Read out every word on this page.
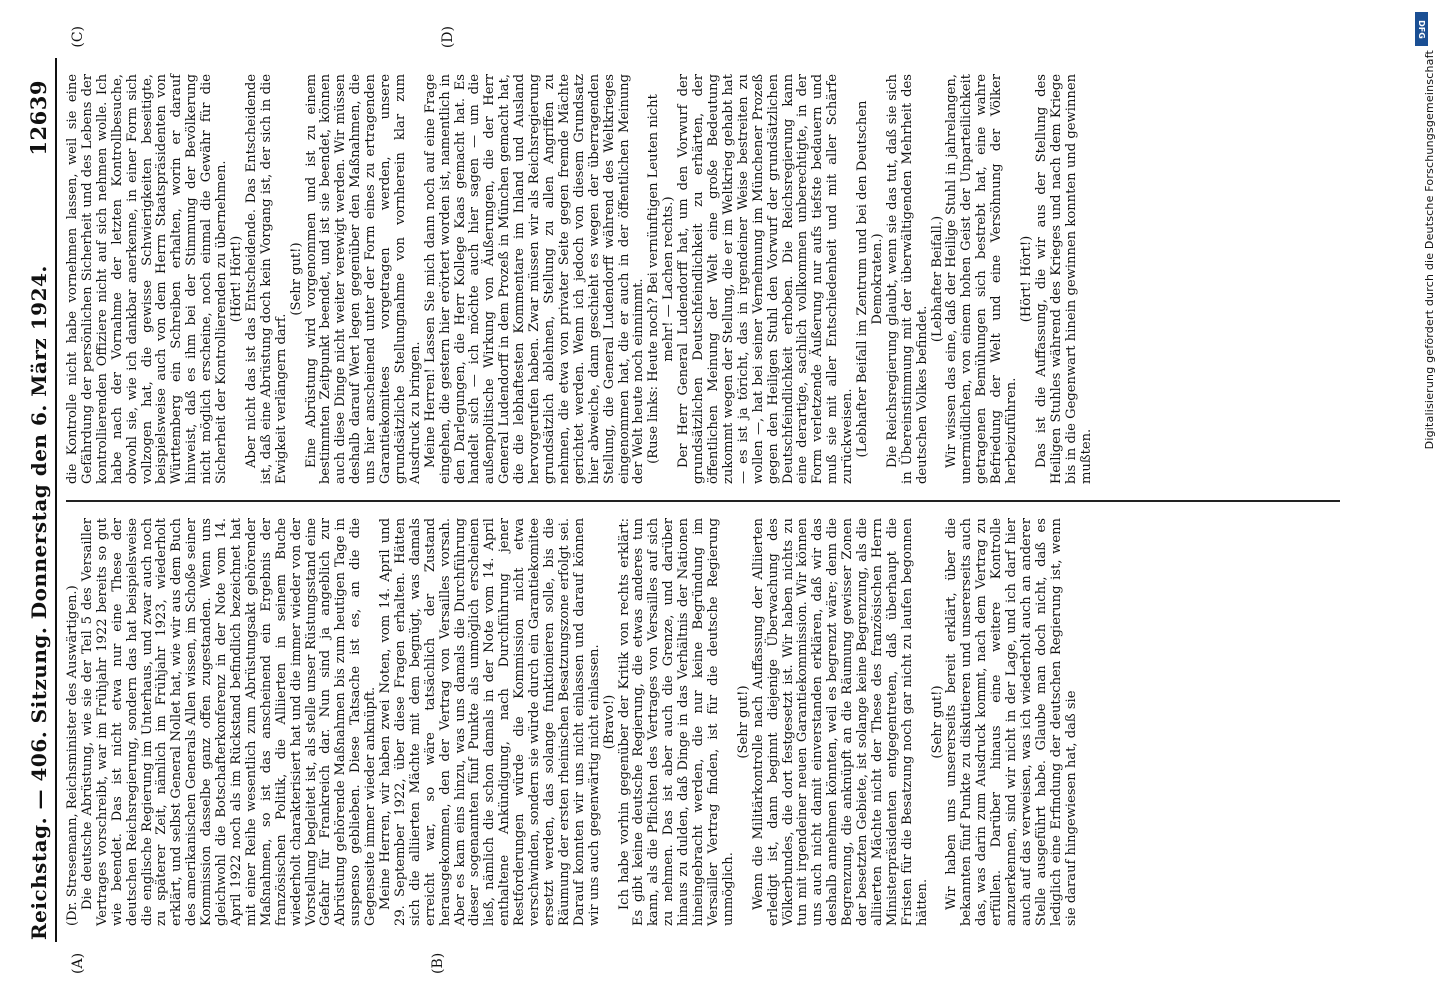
Reichstag. — 406. Sitzung. Donnerstag den 6. März 1924.
12639
(A)	(B)
(C)	(D)

(Dr. Stresemann, Reichsminister des Auswärtigen.) Die deutsche Abrüstung, wie sie der Teil 5 des Versailler Vertrages vorschreibt, war im Frühjahr 1922 bereits so gut wie beendet. Das ist nicht etwa nur eine These der deutschen Reichsregierung, sondern das hat beispielsweise die englische Regierung im Unterhaus, und zwar auch noch zu späterer Zeit, nämlich im Frühjahr 1923, wiederholt erklärt, und selbst General Nollet hat, wie wir aus dem Buch des amerikanischen Generals Allen wissen, im Schoße seiner Kommission dasselbe ganz offen zugestanden. Wenn uns gleichwohl die Botschafterkonferenz in der Note vom 14. April 1922 noch als im Rückstand befindlich bezeichnet hat mit einer Reihe wesentlich zum Abrüstungsakt gehörender Maßnahmen, so ist das anscheinend ein Ergebnis der französischen Politik, die Alliierten in seinem Buche wiederholt charakterisiert hat und die immer wieder von der Vorstellung begleitet ist, als stelle unser Rüstungsstand eine Gefahr für Frankreich dar. Nun sind ja angeblich zur Abrüstung gehörende Maßnahmen bis zum heutigen Tage in suspenso geblieben. Diese Tatsache ist es, an die die Gegenseite immer wieder anknüpft. Meine Herren, wir haben zwei Noten, vom 14. April und 29. September 1922, über diese Fragen erhalten. Hätten sich die alliierten Mächte mit dem begnügt, was damals erreicht war, so wäre tatsächlich der Zustand herausgekommen, den der Vertrag von Versailles vorsah. Aber es kam eins hinzu, was uns damals die Durchführung dieser sogenannten fünf Punkte als unmöglich erscheinen ließ, nämlich die schon damals in der Note vom 14. April enthaltene Ankündigung, nach Durchführung jener Restforderungen würde die Kommission nicht etwa verschwinden, sondern sie würde durch ein Garantiekomitee ersetzt werden, das solange funktionieren solle, bis die Räumung der ersten rheinischen Besatzungszone erfolgt sei. Darauf konnten wir uns nicht einlassen und darauf können wir uns auch gegenwärtig nicht einlassen. (Bravo!) Ich habe vorhin gegenüber der Kritik von rechts erklärt: Es gibt keine deutsche Regierung, die etwas anderes tun kann, als die Pflichten des Vertrages von Versailles auf sich zu nehmen. Das ist aber auch die Grenze, und darüber hinaus zu dulden, daß Dinge in das Verhältnis der Nationen hineingebracht werden, die nur keine Begründung im Versailler Vertrag finden, ist für die deutsche Regierung unmöglich.

(Sehr gut!) Wenn die Militärkontrolle nach Auffassung der Alliierten erledigt ist, dann beginnt diejenige Überwachung des Völkerbundes, die dort festgesetzt ist. Wir haben nichts zu tun mit irgendeiner neuen Garantiekommission. Wir können uns auch nicht damit einverstanden erklären, daß wir das deshalb annehmen könnten, weil es begrenzt wäre; denn die Begrenzung, die anknüpft an die Räumung gewisser Zonen der besetzten Gebiete, ist solange keine Begrenzung, als die alliierten Mächte nicht der These des französischen Herrn Ministerpräsidenten entgegentreten, daß überhaupt die Fristen für die Besatzung noch gar nicht zu laufen begonnen hätten.

(Sehr gut!) Wir haben uns unsererseits bereit erklärt, über die bekannten fünf Punkte zu diskutieren und unsererseits auch das, was darin zum Ausdruck kommt, nach dem Vertrag zu erfüllen. Darüber hinaus eine weitere Kontrolle anzuerkennen, sind wir nicht in der Lage, und ich darf hier auch auf das verweisen, was ich wiederholt auch an anderer Stelle ausgeführt habe. Glaube man doch nicht, daß es lediglich eine Erfindung der deutschen Regierung ist, wenn sie darauf hingewiesen hat, daß sie

die Kontrolle nicht habe vornehmen lassen, weil sie eine Gefährdung der persönlichen Sicherheit und des Lebens der kontrollierenden Offiziere nicht auf sich nehmen wolle. Ich habe nach der Vornahme der letzten Kontrollbesuche, obwohl sie, wie ich dankbar anerkenne, in einer Form sich vollzogen hat, die gewisse Schwierigkeiten beseitigte, beispielsweise auch von dem Herrn Staatspräsidenten von Württemberg ein Schreiben erhalten, worin er darauf hinweist, daß es ihm bei der Stimmung der Bevölkerung nicht möglich erscheine, noch einmal die Gewähr für die Sicherheit der Kontrollierenden zu übernehmen. (Hört! Hört!) Aber nicht das ist das Entscheidende. Das Entscheidende ist, daß eine Abrüstung doch kein Vorgang ist, der sich in die Ewigkeit verlängern darf.

(Sehr gut!) Eine Abrüstung wird vorgenommen und ist zu einem bestimmten Zeitpunkt beendet, und ist sie beendet, können auch diese Dinge nicht weiter verewigt werden. Wir müssen deshalb darauf Wert legen gegenüber den Maßnahmen, die uns hier anscheinend unter der Form eines zu ertragenden Garantiekomitees vorgetragen werden, unsere grundsätzliche Stellungnahme von vornherein klar zum Ausdruck zu bringen. Meine Herren! Lassen Sie mich dann noch auf eine Frage eingehen, die gestern hier erörtert worden ist, namentlich in den Darlegungen, die Herr Kollege Kaas gemacht hat. Es handelt sich — ich möchte auch hier sagen — um die außenpolitische Wirkung von Äußerungen, die der Herr General Ludendorff in dem Prozeß in München gemacht hat, die die lebhaftesten Kommentare im Inland und Ausland hervorgerufen haben. Zwar müssen wir als Reichsregierung grundsätzlich ablehnen, Stellung zu allen Angriffen zu nehmen, die etwa von privater Seite gegen fremde Mächte gerichtet werden. Wenn ich jedoch von diesem Grundsatz hier abweiche, dann geschieht es wegen der überragenden Stellung, die General Ludendorff während des Weltkrieges eingenommen hat, die er auch in der öffentlichen Meinung der Welt heute noch einnimmt. (Ruse links: Heute noch? Bei vernünftigen Leuten nicht mehr! — Lachen rechts.) Der Herr General Ludendorff hat, um den Vorwurf der grundsätzlichen Deutschfeindlichkeit zu erhärten, der öffentlichen Meinung der Welt eine große Bedeutung zukommt wegen der Stellung, die er im Weltkrieg gehabt hat — es ist ja töricht, das in irgendeiner Weise bestreiten zu wollen —, hat bei seiner Vernehmung im Münchener Prozeß gegen den Heiligen Stuhl den Vorwurf der grundsätzlichen Deutschfeindlichkeit erhoben. Die Reichsregierung kann eine derartige, sachlich vollkommen unberechtigte, in der Form verletzende Äußerung nur aufs tiefste bedauern und muß sie mit aller Entschiedenheit und mit aller Schärfe zurückweisen. (Lebhafter Beifall im Zentrum und bei den Deutschen Demokraten.) Die Reichsregierung glaubt, wenn sie das tut, daß sie sich in Übereinstimmung mit der überwältigenden Mehrheit des deutschen Volkes befindet.

(Lebhafter Beifall.) Wir wissen das eine, daß der Heilige Stuhl in jahrelangen, unermüdlichen, von einem hohen Geist der Unparteilichkeit getragenen Bemühungen sich bestrebt hat, eine wahre Befriedung der Welt und eine Versöhnung der Völker herbeizuführen.

(Hört! Hört!) Das ist die Auffassung, die wir aus der Stellung des Heiligen Stuhles während des Krieges und nach dem Kriege bis in die Gegenwart hinein gewinnen konnten und gewinnen mußten.

DFG
Digitalisierung gefördert durch die Deutsche Forschungsgemeinschaft
